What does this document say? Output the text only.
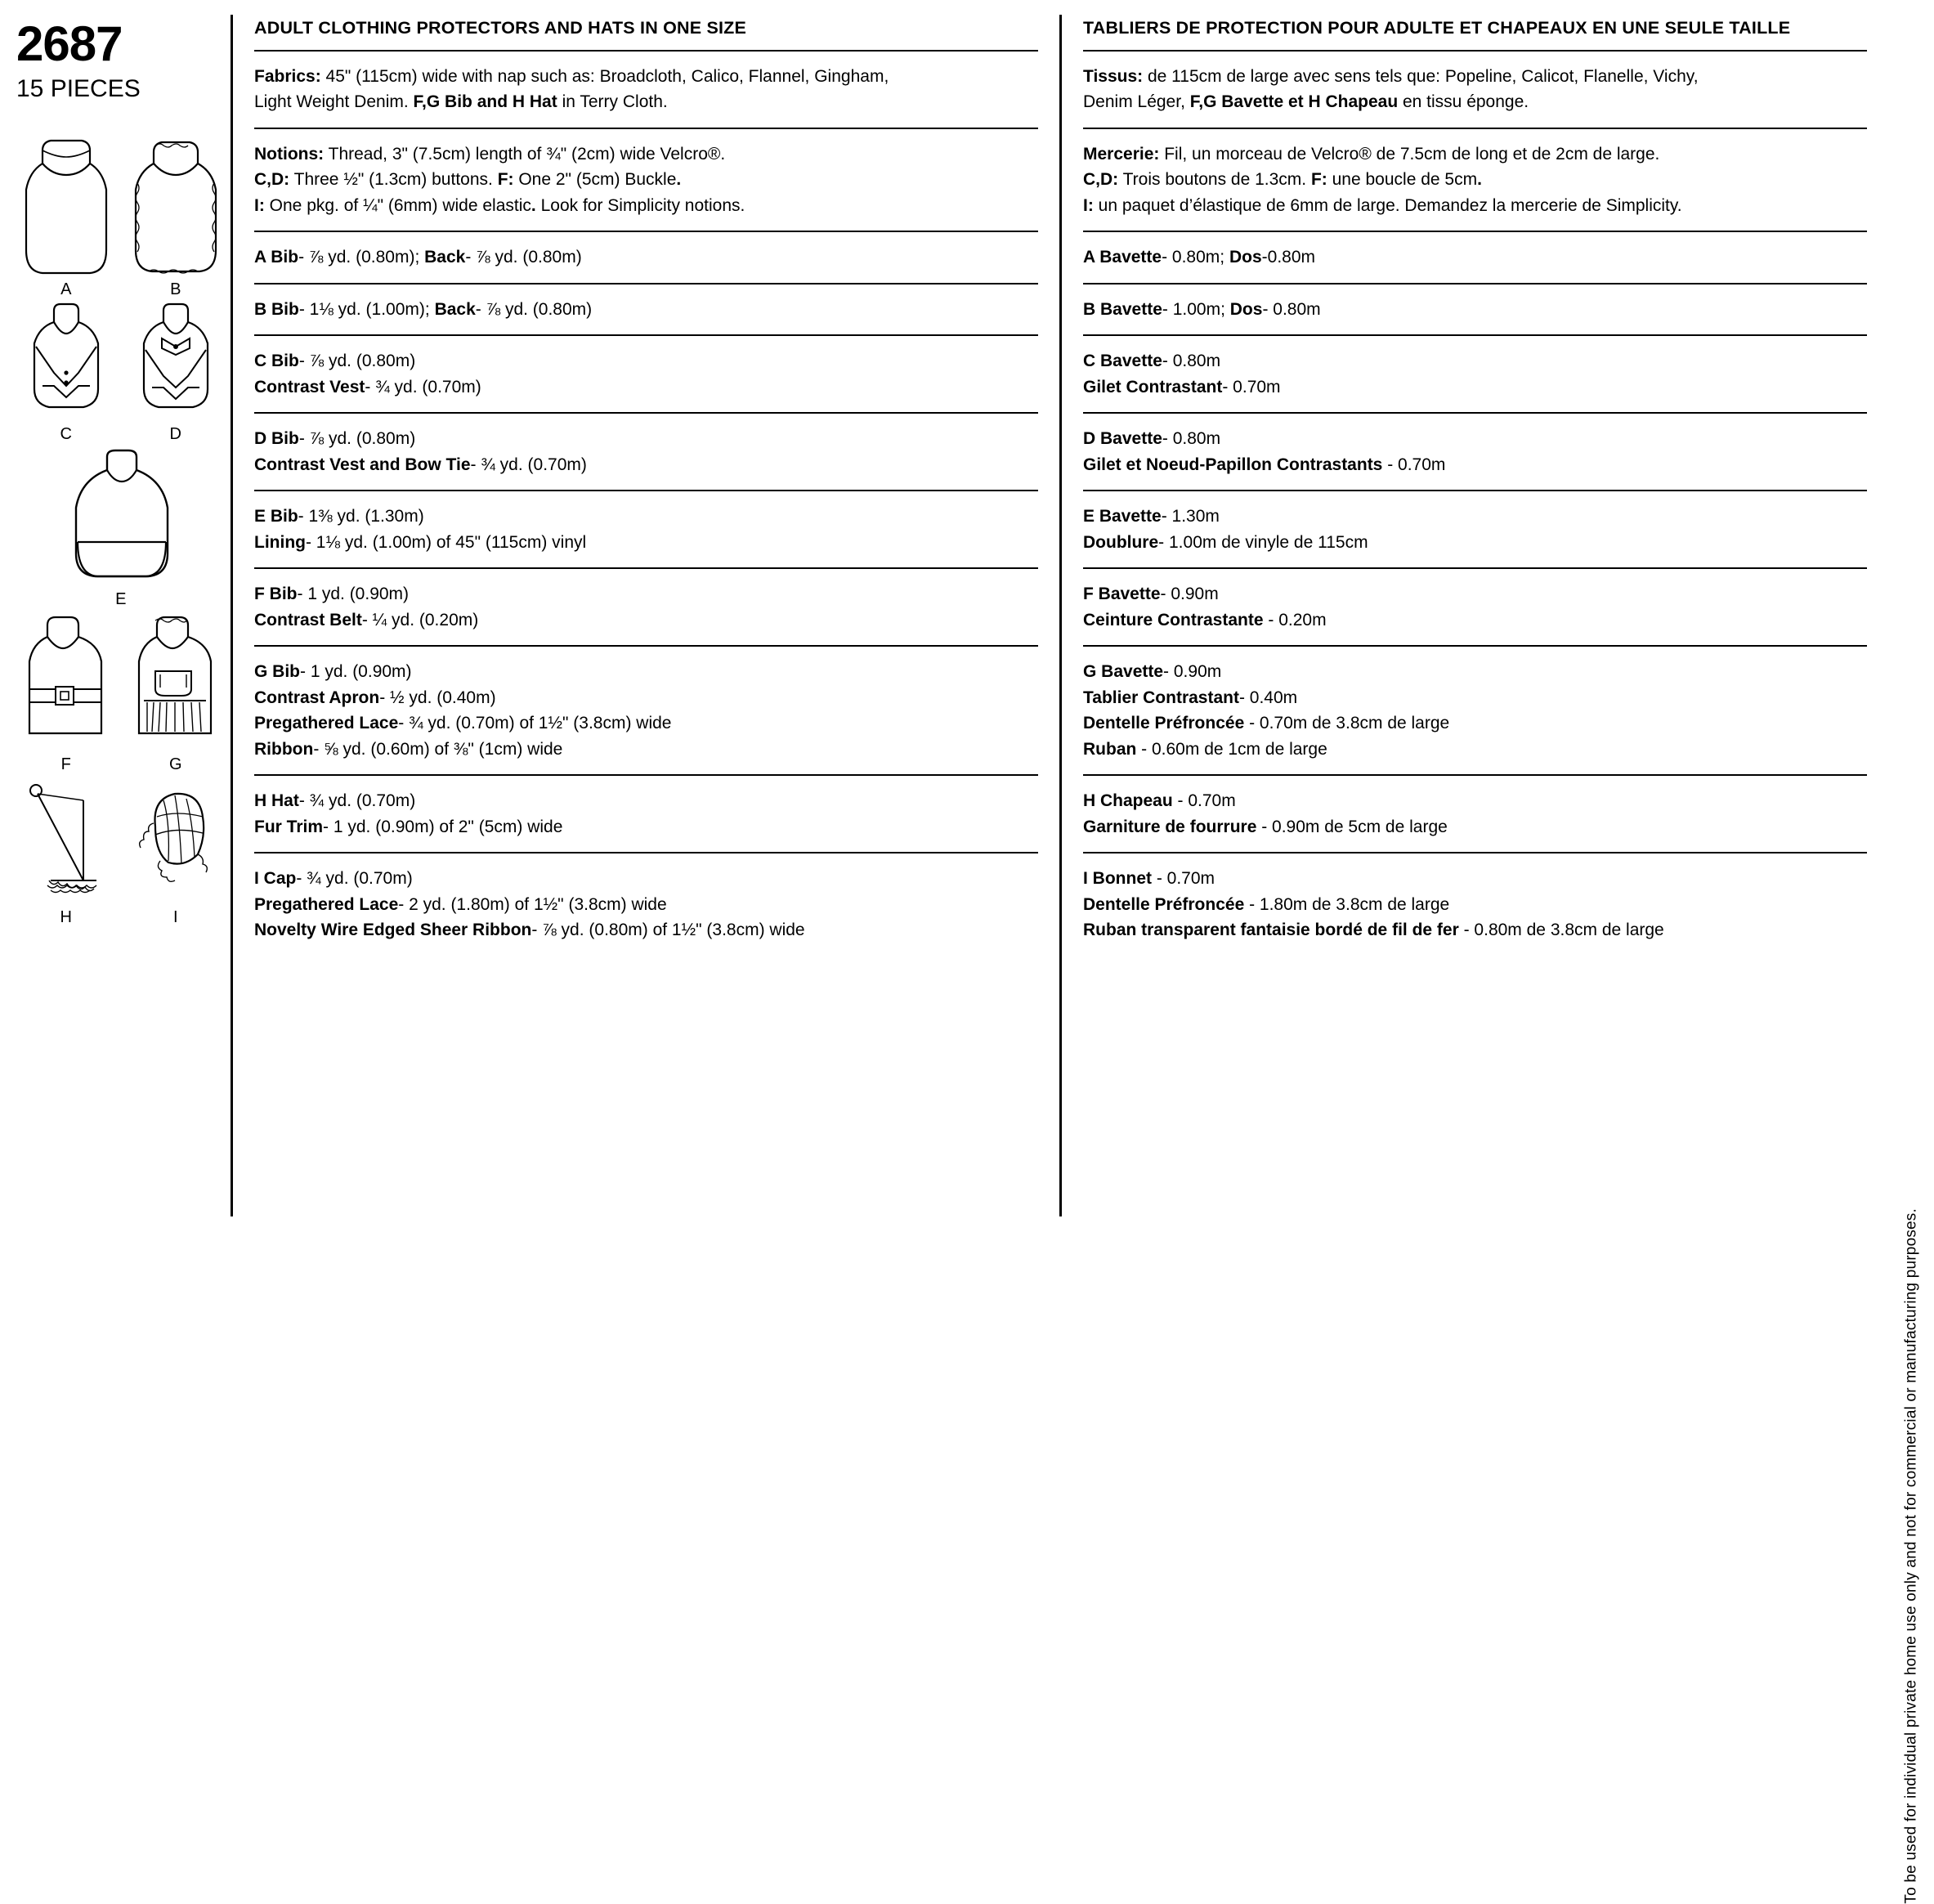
2687
15 PIECES
A	B
C	D
E
F	G
H	I
ADULT CLOTHING PROTECTORS AND HATS IN ONE SIZE

Fabrics: 45" (115cm) wide with nap such as: Broadcloth, Calico, Flannel, Gingham,

Light Weight Denim. F,G Bib and H Hat in Terry Cloth.

Notions: Thread, 3" (7.5cm) length of ¾" (2cm) wide Velcro®.

C,D: Three ½" (1.3cm) buttons. F: One 2" (5cm) Buckle.

I: One pkg. of ¼" (6mm) wide elastic. Look for Simplicity notions.

A Bib- ⅞ yd. (0.80m); Back- ⅞ yd. (0.80m)

B Bib- 1⅛ yd. (1.00m); Back- ⅞ yd. (0.80m)

C Bib- ⅞ yd. (0.80m)

Contrast Vest- ¾ yd. (0.70m)

D Bib- ⅞ yd. (0.80m)

Contrast Vest and Bow Tie- ¾ yd. (0.70m)

E Bib- 1⅜ yd. (1.30m)

Lining- 1⅛ yd. (1.00m) of 45" (115cm) vinyl

F Bib- 1 yd. (0.90m)

Contrast Belt- ¼ yd. (0.20m)

G Bib- 1 yd. (0.90m)

Contrast Apron- ½ yd. (0.40m)

Pregathered Lace- ¾ yd. (0.70m) of 1½" (3.8cm) wide

Ribbon- ⅝ yd. (0.60m) of ⅜" (1cm) wide

H Hat- ¾ yd. (0.70m)

Fur Trim- 1 yd. (0.90m) of 2" (5cm) wide

I Cap- ¾ yd. (0.70m)

Pregathered Lace- 2 yd. (1.80m) of 1½" (3.8cm) wide

Novelty Wire Edged Sheer Ribbon- ⅞ yd. (0.80m) of 1½" (3.8cm) wide

TABLIERS DE PROTECTION POUR ADULTE ET CHAPEAUX EN UNE SEULE TAILLE

Tissus: de 115cm de large avec sens tels que: Popeline, Calicot, Flanelle, Vichy,

Denim Léger, F,G Bavette et H Chapeau en tissu éponge.

Mercerie: Fil, un morceau de Velcro® de 7.5cm de long et de 2cm de large.

C,D: Trois boutons de 1.3cm. F: une boucle de 5cm.

I: un paquet d’élastique de 6mm de large. Demandez la mercerie de Simplicity.

A Bavette- 0.80m; Dos-0.80m

B Bavette- 1.00m; Dos- 0.80m

C Bavette- 0.80m

Gilet Contrastant- 0.70m

D Bavette- 0.80m

Gilet et Noeud-Papillon Contrastants - 0.70m

E Bavette- 1.30m

Doublure- 1.00m de vinyle de 115cm

F Bavette- 0.90m

Ceinture Contrastante - 0.20m

G Bavette- 0.90m

Tablier Contrastant- 0.40m

Dentelle Préfroncée - 0.70m de 3.8cm de large

Ruban - 0.60m de 1cm de large

H Chapeau - 0.70m

Garniture de fourrure - 0.90m de 5cm de large

I Bonnet - 0.70m

Dentelle Préfroncée - 1.80m de 3.8cm de large

Ruban transparent fantaisie bordé de fil de fer - 0.80m de 3.8cm de large

To be used for individual private home use only and not for commercial or manufacturing purposes.
